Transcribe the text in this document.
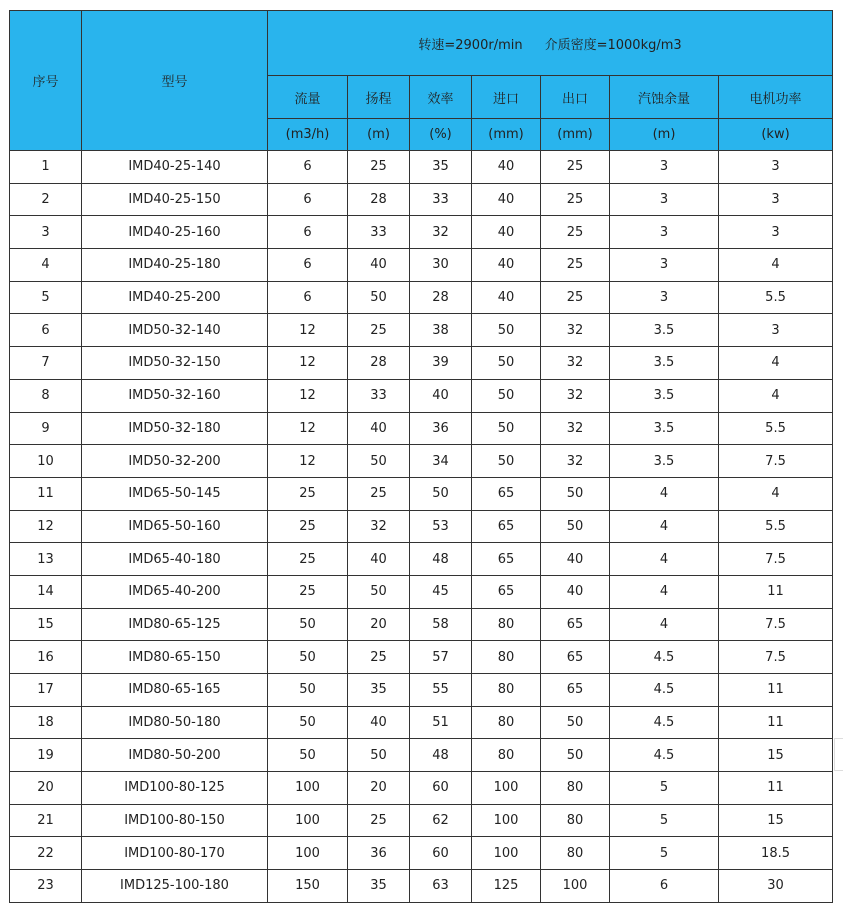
序号	型号	转速=2900r/min 介质密度=1000kg/m3						
		流量	扬程	效率	进口	出口	汽蚀余量	电机功率
		(m3/h)	(m)	(%)	(mm)	(mm)	(m)	(kw)
1	IMD40-25-140	6	25	35	40	25	3	3
2	IMD40-25-150	6	28	33	40	25	3	3
3	IMD40-25-160	6	33	32	40	25	3	3
4	IMD40-25-180	6	40	30	40	25	3	4
5	IMD40-25-200	6	50	28	40	25	3	5.5
6	IMD50-32-140	12	25	38	50	32	3.5	3
7	IMD50-32-150	12	28	39	50	32	3.5	4
8	IMD50-32-160	12	33	40	50	32	3.5	4
9	IMD50-32-180	12	40	36	50	32	3.5	5.5
10	IMD50-32-200	12	50	34	50	32	3.5	7.5
11	IMD65-50-145	25	25	50	65	50	4	4
12	IMD65-50-160	25	32	53	65	50	4	5.5
13	IMD65-40-180	25	40	48	65	40	4	7.5
14	IMD65-40-200	25	50	45	65	40	4	11
15	IMD80-65-125	50	20	58	80	65	4	7.5
16	IMD80-65-150	50	25	57	80	65	4.5	7.5
17	IMD80-65-165	50	35	55	80	65	4.5	11
18	IMD80-50-180	50	40	51	80	50	4.5	11
19	IMD80-50-200	50	50	48	80	50	4.5	15
20	IMD100-80-125	100	20	60	100	80	5	11
21	IMD100-80-150	100	25	62	100	80	5	15
22	IMD100-80-170	100	36	60	100	80	5	18.5
23	IMD125-100-180	150	35	63	125	100	6	30
